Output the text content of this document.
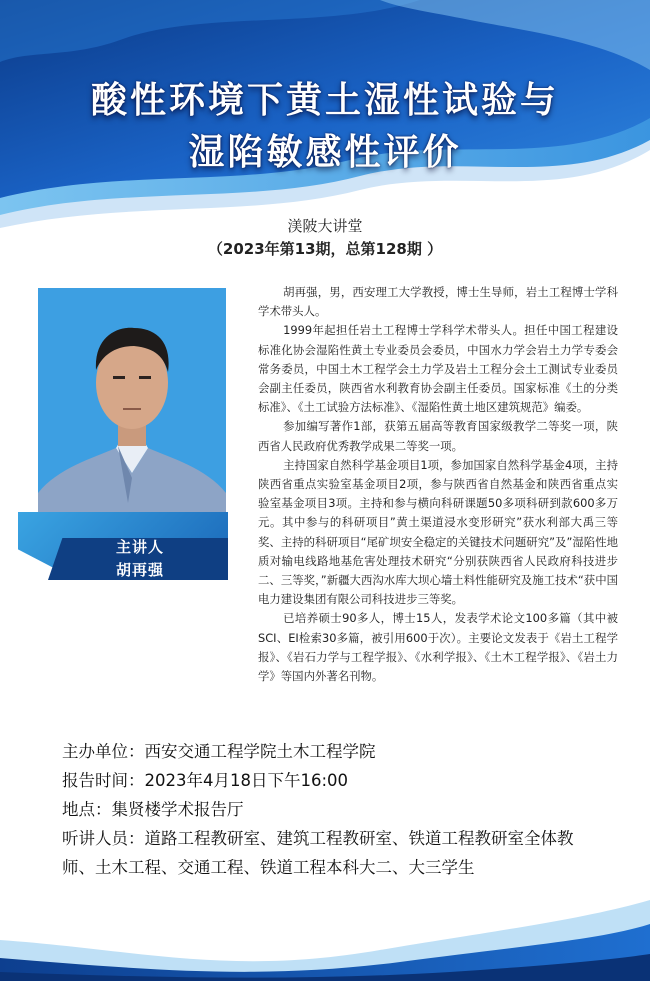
酸性环境下黄土湿性试验与
湿陷敏感性评价
渼陂大讲堂
（2023年第13期，总第128期 ）
主讲人
胡再强

胡再强，男，西安理工大学教授，博士生导师，岩土工程博士学科学术带头人。

1999年起担任岩土工程博士学科学术带头人。担任中国工程建设标准化协会湿陷性黄土专业委员会委员，中国水力学会岩土力学专委会常务委员，中国土木工程学会土力学及岩土工程分会土工测试专业委员会副主任委员，陕西省水利教育协会副主任委员。国家标准《土的分类标准》、《土工试验方法标准》、《湿陷性黄土地区建筑规范》编委。

参加编写著作1部，获第五届高等教育国家级教学二等奖一项，陕西省人民政府优秀教学成果二等奖一项。

主持国家自然科学基金项目1项，参加国家自然科学基金4项，主持陕西省重点实验室基金项目2项，参与陕西省自然基金和陕西省重点实验室基金项目3项。主持和参与横向科研课题50多项科研到款600多万元。其中参与的科研项目”黄土渠道浸水变形研究”获水利部大禹三等奖、主持的科研项目“尾矿坝安全稳定的关键技术问题研究”及”湿陷性地质对输电线路地基危害处理技术研究“分别获陕西省人民政府科技进步二、三等奖，”新疆大西沟水库大坝心墙土料性能研究及施工技术“获中国电力建设集团有限公司科技进步三等奖。

已培养硕士90多人，博士15人，发表学术论文100多篇（其中被SCI、EI检索30多篇，被引用600于次）。主要论文发表于《岩土工程学报》、《岩石力学与工程学报》、《水利学报》、《土木工程学报》、《岩土力学》等国内外著名刊物。

主办单位：西安交通工程学院土木工程学院

报告时间：2023年4月18日下午16:00

地点：集贤楼学术报告厅

听讲人员：道路工程教研室、建筑工程教研室、铁道工程教研室全体教师、土木工程、交通工程、铁道工程本科大二、大三学生
